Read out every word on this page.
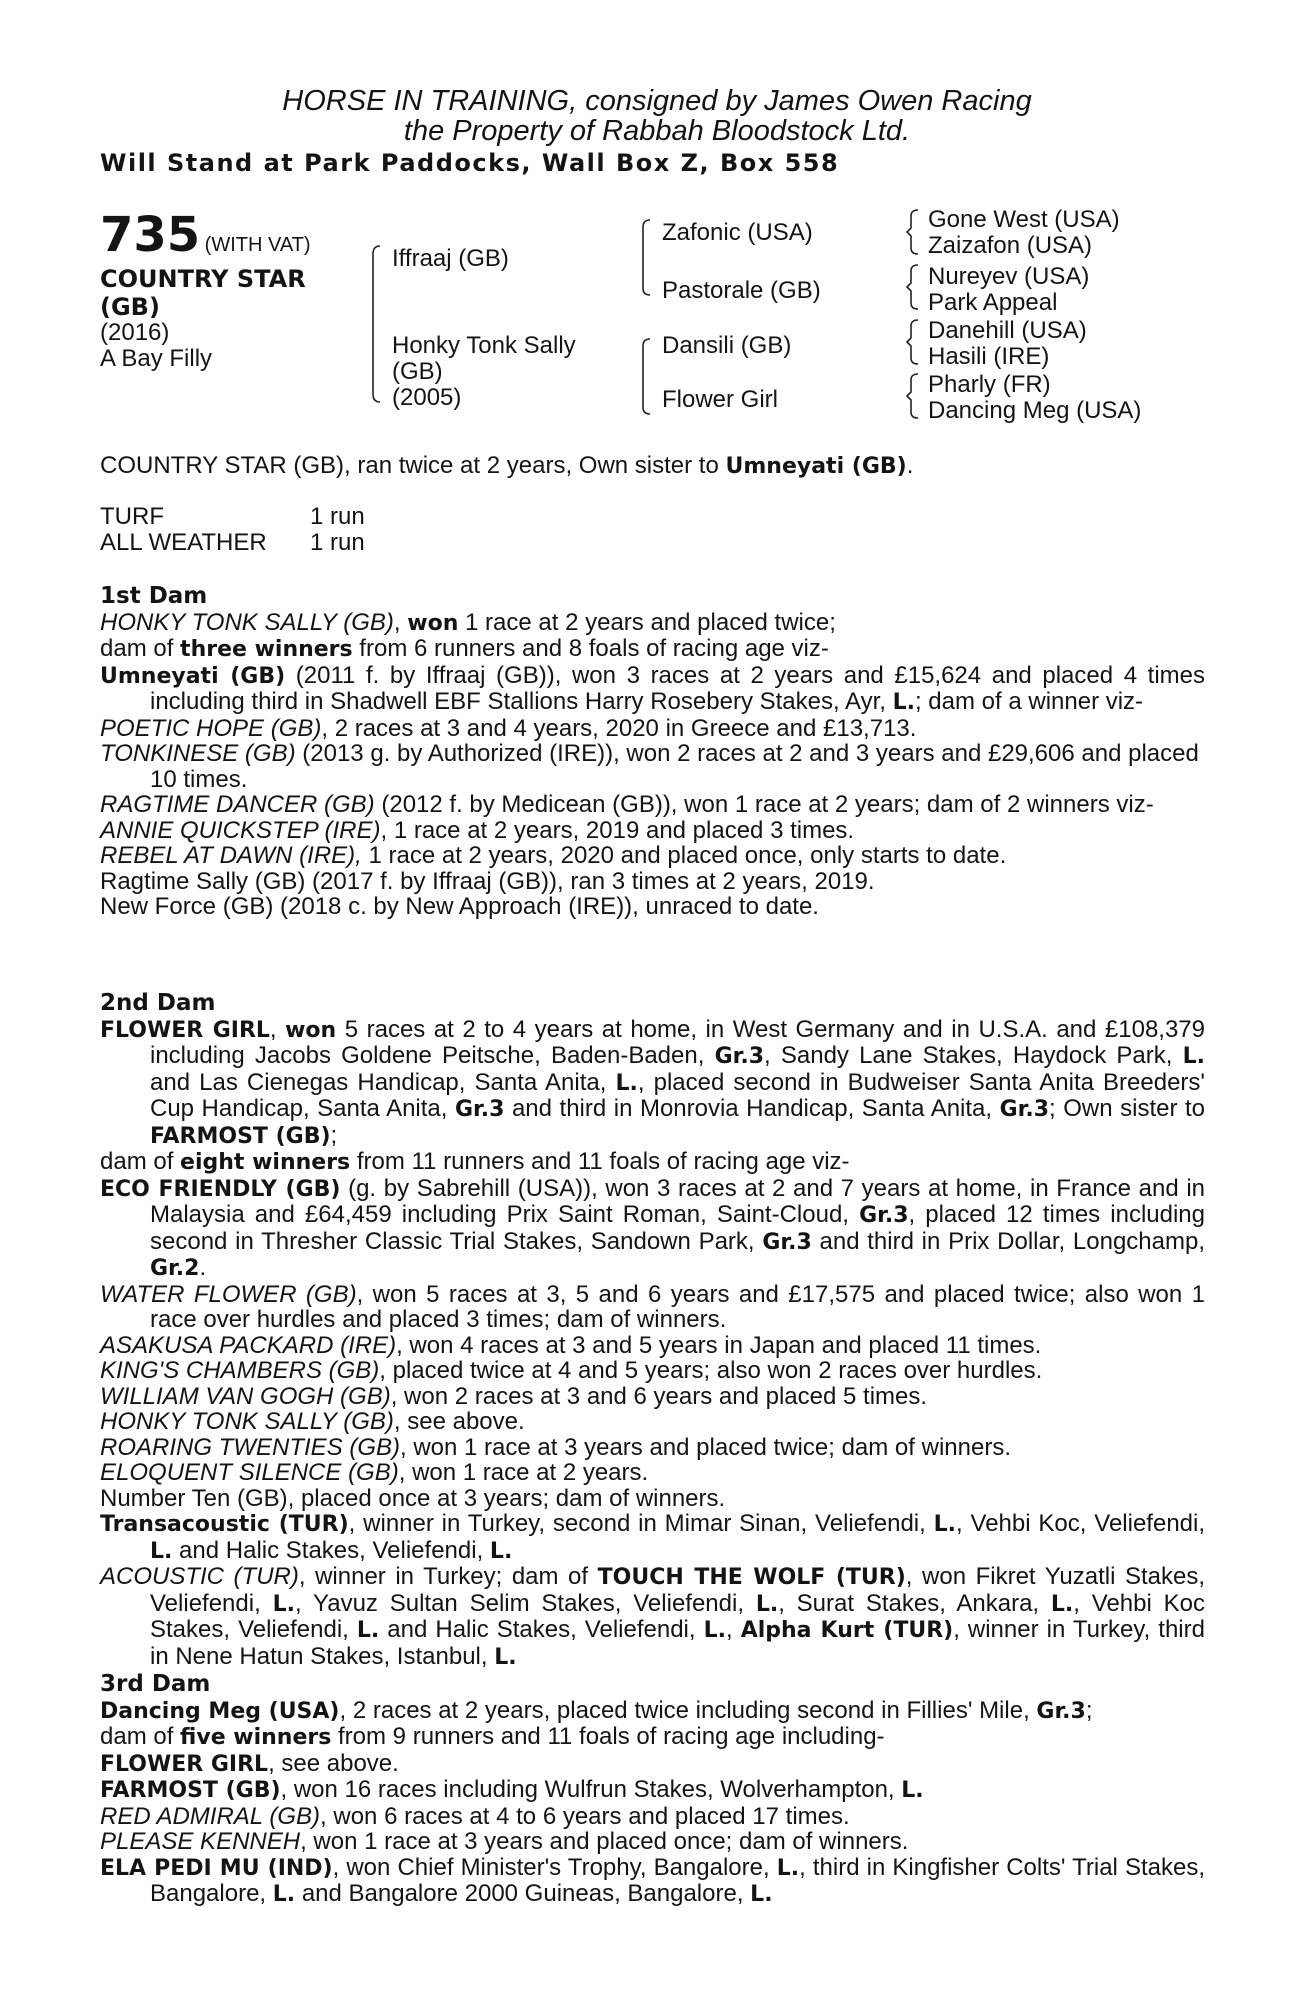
HORSE IN TRAINING, consigned by James Owen Racing
the Property of Rabbah Bloodstock Ltd.
Will Stand at Park Paddocks, Wall Box Z, Box 558
735 (WITH VAT)
COUNTRY STAR
(GB)
(2016)
A Bay Filly
Iffraaj (GB)
Honky Tonk Sally
(GB)
(2005)
Zafonic (USA)
Pastorale (GB)
Dansili (GB)
Flower Girl
Gone West (USA)
Zaizafon (USA)
Nureyev (USA)
Park Appeal
Danehill (USA)
Hasili (IRE)
Pharly (FR)
Dancing Meg (USA)
COUNTRY STAR (GB), ran twice at 2 years, Own sister to Umneyati (GB).
TURF	1 run
ALL WEATHER	1 run
1st Dam

HONKY TONK SALLY (GB), won 1 race at 2 years and placed twice;

dam of three winners from 6 runners and 8 foals of racing age viz-

Umneyati (GB) (2011 f. by Iffraaj (GB)), won 3 races at 2 years and £15,624 and placed 4 times including third in Shadwell EBF Stallions Harry Rosebery Stakes, Ayr, L.; dam of a winner viz-

POETIC HOPE (GB), 2 races at 3 and 4 years, 2020 in Greece and £13,713.

TONKINESE (GB) (2013 g. by Authorized (IRE)), won 2 races at 2 and 3 years and £29,606 and placed 10 times.

RAGTIME DANCER (GB) (2012 f. by Medicean (GB)), won 1 race at 2 years; dam of 2 winners viz-

ANNIE QUICKSTEP (IRE), 1 race at 2 years, 2019 and placed 3 times.

REBEL AT DAWN (IRE), 1 race at 2 years, 2020 and placed once, only starts to date.

Ragtime Sally (GB) (2017 f. by Iffraaj (GB)), ran 3 times at 2 years, 2019.

New Force (GB) (2018 c. by New Approach (IRE)), unraced to date.

2nd Dam

FLOWER GIRL, won 5 races at 2 to 4 years at home, in West Germany and in U.S.A. and £108,379 including Jacobs Goldene Peitsche, Baden-Baden, Gr.3, Sandy Lane Stakes, Haydock Park, L. and Las Cienegas Handicap, Santa Anita, L., placed second in Budweiser Santa Anita Breeders' Cup Handicap, Santa Anita, Gr.3 and third in Monrovia Handicap, Santa Anita, Gr.3; Own sister to FARMOST (GB);

dam of eight winners from 11 runners and 11 foals of racing age viz-

ECO FRIENDLY (GB) (g. by Sabrehill (USA)), won 3 races at 2 and 7 years at home, in France and in Malaysia and £64,459 including Prix Saint Roman, Saint-Cloud, Gr.3, placed 12 times including second in Thresher Classic Trial Stakes, Sandown Park, Gr.3 and third in Prix Dollar, Longchamp, Gr.2.

WATER FLOWER (GB), won 5 races at 3, 5 and 6 years and £17,575 and placed twice; also won 1 race over hurdles and placed 3 times; dam of winners.

ASAKUSA PACKARD (IRE), won 4 races at 3 and 5 years in Japan and placed 11 times.

KING'S CHAMBERS (GB), placed twice at 4 and 5 years; also won 2 races over hurdles.

WILLIAM VAN GOGH (GB), won 2 races at 3 and 6 years and placed 5 times.

HONKY TONK SALLY (GB), see above.

ROARING TWENTIES (GB), won 1 race at 3 years and placed twice; dam of winners.

ELOQUENT SILENCE (GB), won 1 race at 2 years.

Number Ten (GB), placed once at 3 years; dam of winners.

Transacoustic (TUR), winner in Turkey, second in Mimar Sinan, Veliefendi, L., Vehbi Koc, Veliefendi, L. and Halic Stakes, Veliefendi, L.

ACOUSTIC (TUR), winner in Turkey; dam of TOUCH THE WOLF (TUR), won Fikret Yuzatli Stakes, Veliefendi, L., Yavuz Sultan Selim Stakes, Veliefendi, L., Surat Stakes, Ankara, L., Vehbi Koc Stakes, Veliefendi, L. and Halic Stakes, Veliefendi, L., Alpha Kurt (TUR), winner in Turkey, third in Nene Hatun Stakes, Istanbul, L.

3rd Dam

Dancing Meg (USA), 2 races at 2 years, placed twice including second in Fillies' Mile, Gr.3;

dam of five winners from 9 runners and 11 foals of racing age including-

FLOWER GIRL, see above.

FARMOST (GB), won 16 races including Wulfrun Stakes, Wolverhampton, L.

RED ADMIRAL (GB), won 6 races at 4 to 6 years and placed 17 times.

PLEASE KENNEH, won 1 race at 3 years and placed once; dam of winners.

ELA PEDI MU (IND), won Chief Minister's Trophy, Bangalore, L., third in Kingfisher Colts' Trial Stakes, Bangalore, L. and Bangalore 2000 Guineas, Bangalore, L.
